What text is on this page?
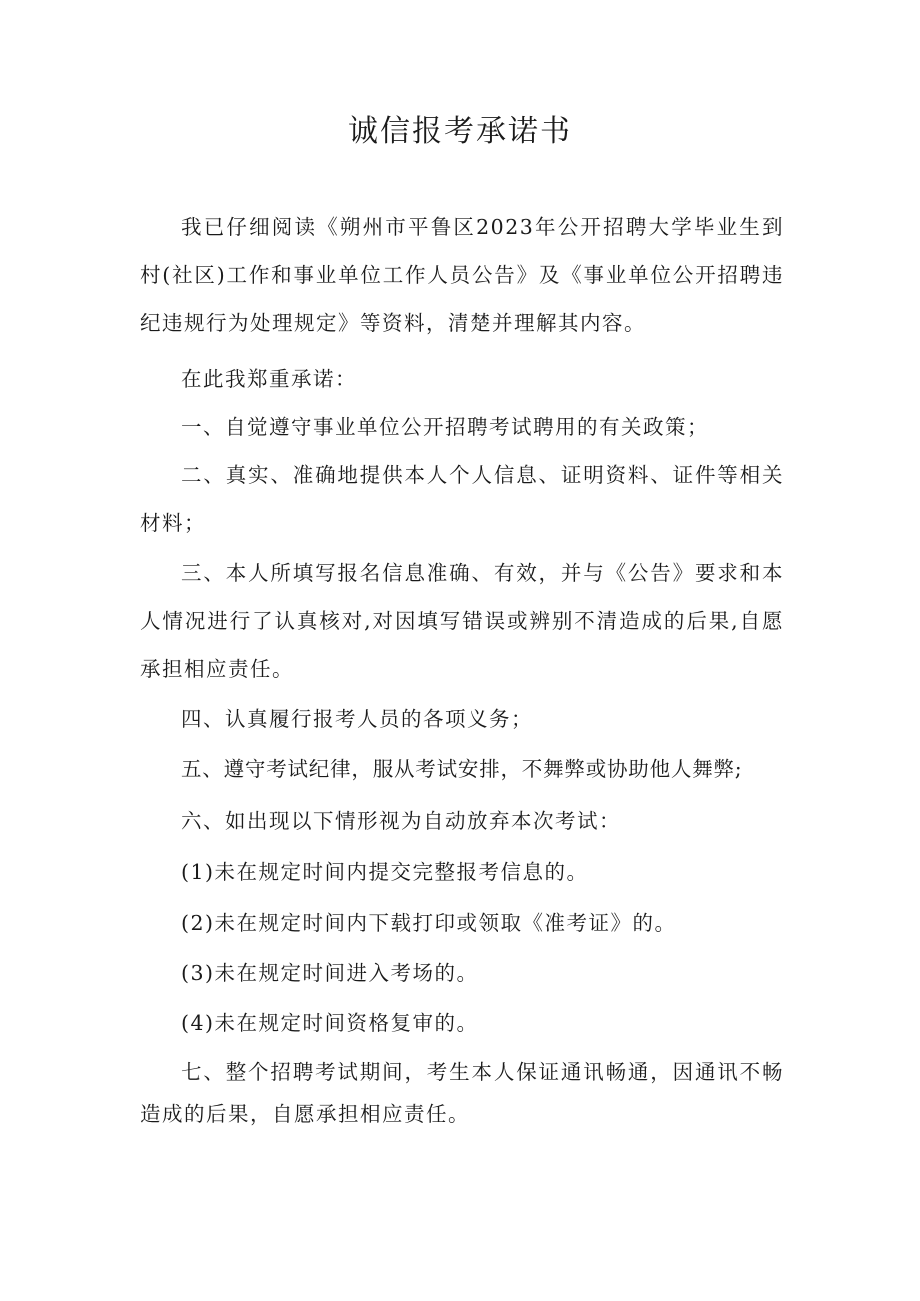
诚信报考承诺书
我已仔细阅读《朔州市平鲁区2023年公开招聘大学毕业生到村(社区)工作和事业单位工作人员公告》及《事业单位公开招聘违纪违规行为处理规定》等资料，清楚并理解其内容。
在此我郑重承诺：
一、自觉遵守事业单位公开招聘考试聘用的有关政策；
二、真实、准确地提供本人个人信息、证明资料、证件等相关材料；
三、本人所填写报名信息准确、有效，并与《公告》要求和本人情况进行了认真核对,对因填写错误或辨别不清造成的后果,自愿承担相应责任。
四、认真履行报考人员的各项义务；
五、遵守考试纪律，服从考试安排，不舞弊或协助他人舞弊;
六、如出现以下情形视为自动放弃本次考试：
(1)未在规定时间内提交完整报考信息的。
(2)未在规定时间内下载打印或领取《准考证》的。
(3)未在规定时间进入考场的。
(4)未在规定时间资格复审的。
七、整个招聘考试期间，考生本人保证通讯畅通，因通讯不畅造成的后果，自愿承担相应责任。
